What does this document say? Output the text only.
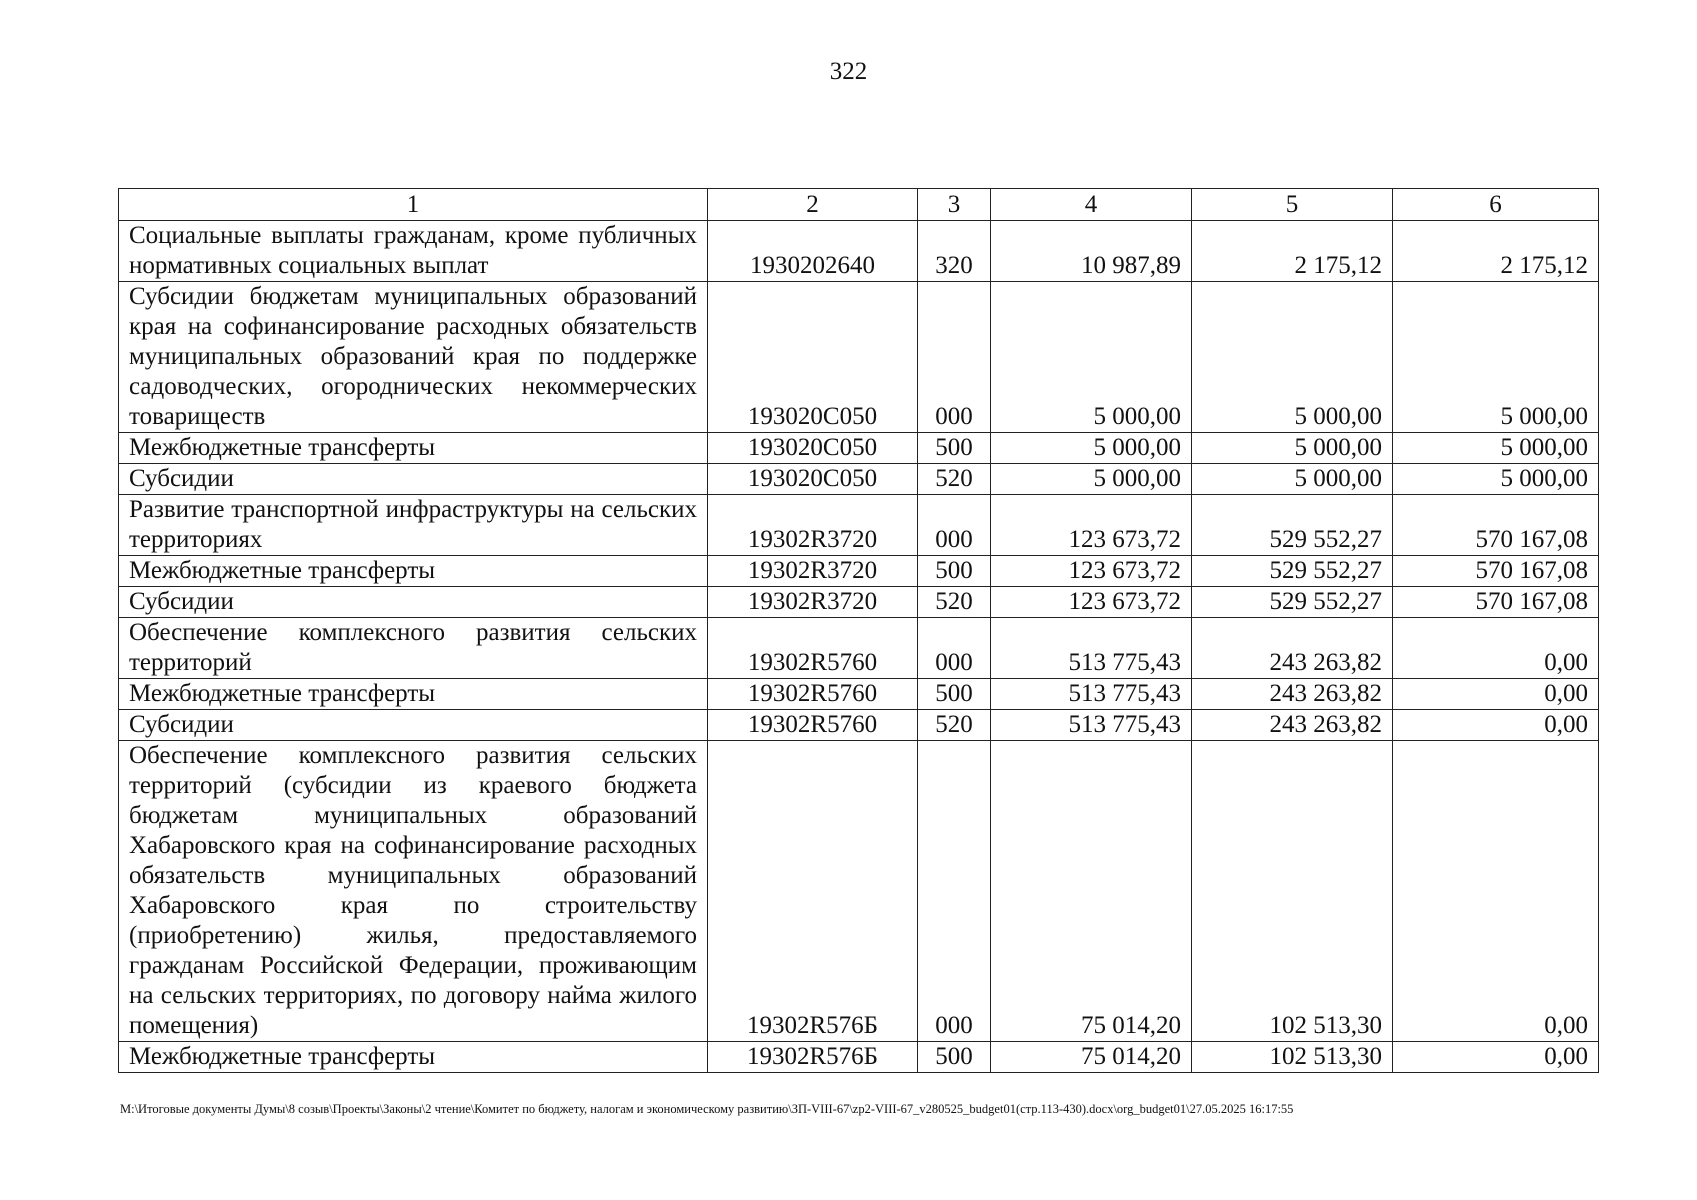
322
1	2	3	4	5	6
Социальные выплаты гражданам, кроме публичных нормативных социальных выплат	1930202640	320	10 987,89	2 175,12	2 175,12
Субсидии бюджетам муниципальных образований края на софинансирование расходных обязательств муниципальных образований края по поддержке садоводческих, огороднических некоммерческих товариществ	193020C050	000	5 000,00	5 000,00	5 000,00
Межбюджетные трансферты	193020C050	500	5 000,00	5 000,00	5 000,00
Субсидии	193020C050	520	5 000,00	5 000,00	5 000,00
Развитие транспортной инфраструктуры на сельских территориях	19302R3720	000	123 673,72	529 552,27	570 167,08
Межбюджетные трансферты	19302R3720	500	123 673,72	529 552,27	570 167,08
Субсидии	19302R3720	520	123 673,72	529 552,27	570 167,08
Обеспечение комплексного развития сельских территорий	19302R5760	000	513 775,43	243 263,82	0,00
Межбюджетные трансферты	19302R5760	500	513 775,43	243 263,82	0,00
Субсидии	19302R5760	520	513 775,43	243 263,82	0,00
Обеспечение комплексного развития сельских территорий (субсидии из краевого бюджета бюджетам муниципальных образований Хабаровского края на софинансирование расходных обязательств муниципальных образований Хабаровского края по строительству (приобретению) жилья, предоставляемого гражданам Российской Федерации, проживающим на сельских территориях, по договору найма жилого помещения)	19302R576Б	000	75 014,20	102 513,30	0,00
Межбюджетные трансферты	19302R576Б	500	75 014,20	102 513,30	0,00
M:\Итоговые документы Думы\8 созыв\Проекты\Законы\2 чтение\Комитет по бюджету, налогам и экономическому развитию\ЗП-VIII-67\zp2-VIII-67_v280525_budget01(стр.113-430).docx\org_budget01\27.05.2025 16:17:55
